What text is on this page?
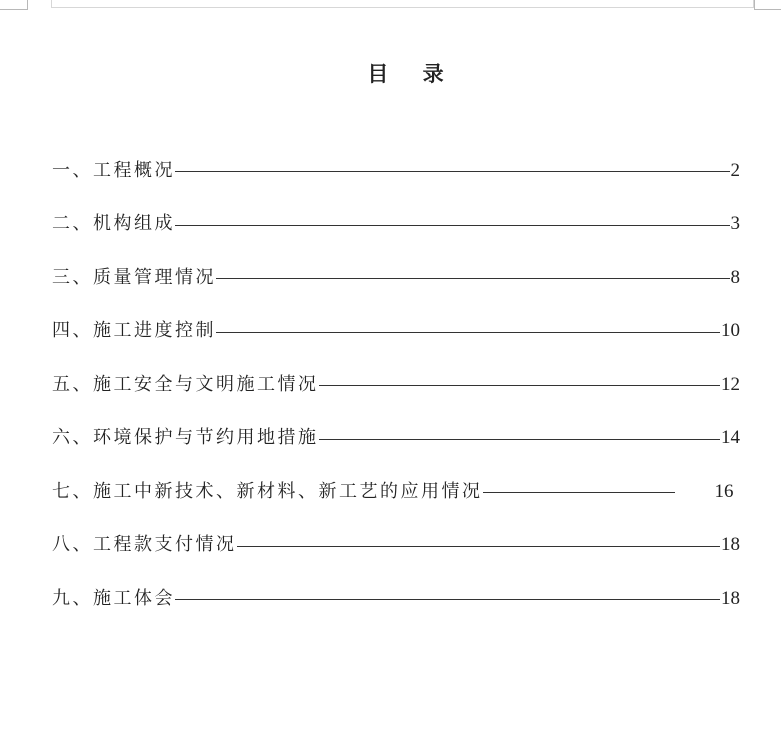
目    录
一、工程概况	2
二、机构组成	3
三、质量管理情况	8
四、施工进度控制	10
五、施工安全与文明施工情况	12
六、环境保护与节约用地措施	14
七、施工中新技术、新材料、新工艺的应用情况	16
八、工程款支付情况	18
九、施工体会	18
